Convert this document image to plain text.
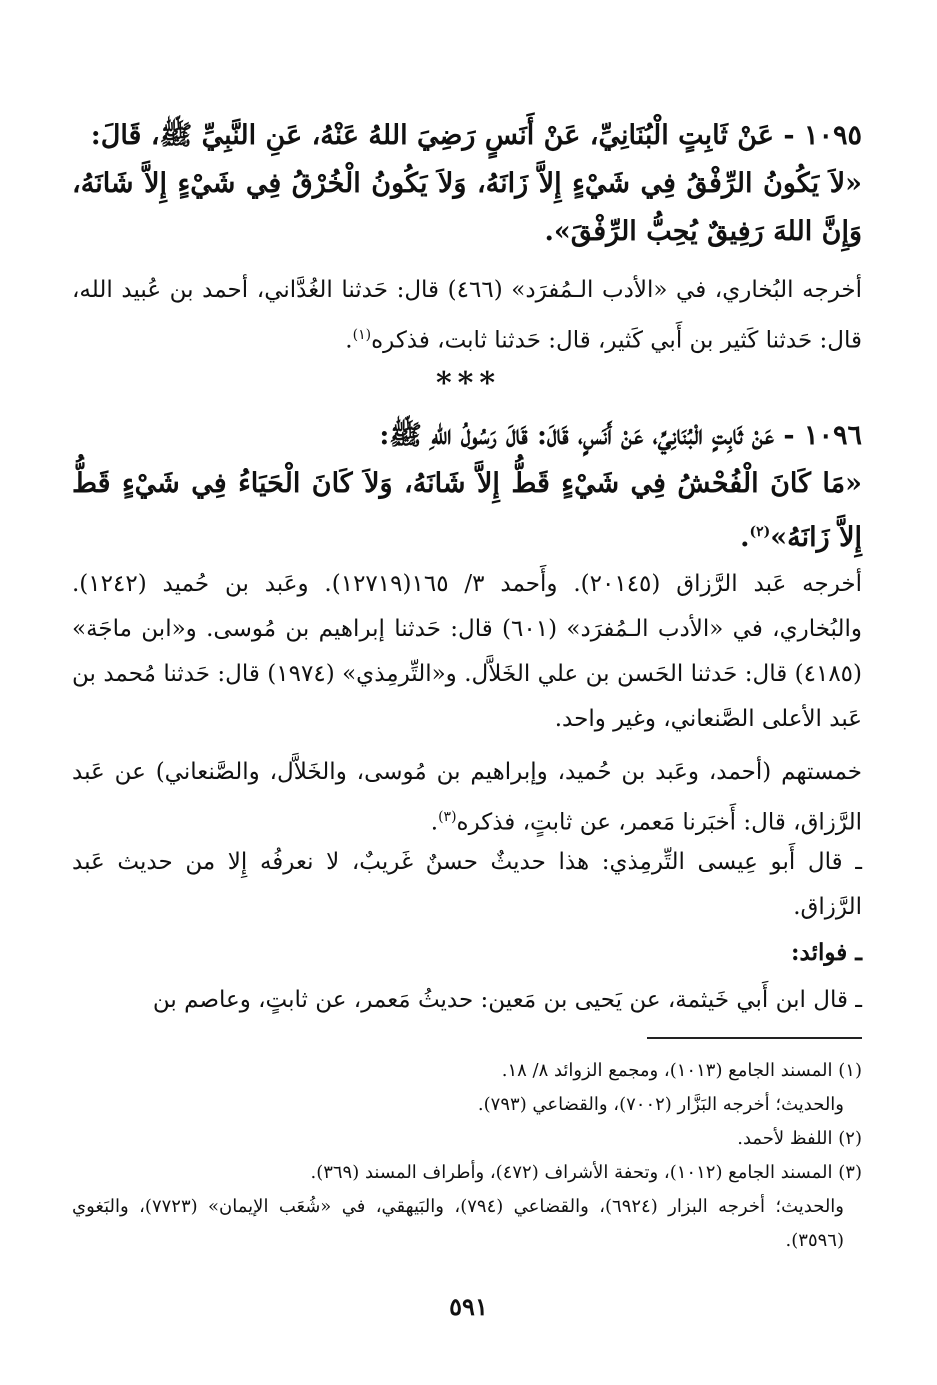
١٠٩٥ - عَنْ ثَابِتٍ الْبُنَانِيِّ، عَنْ أَنَسٍ رَضِيَ اللهُ عَنْهُ، عَنِ النَّبِيِّ ﷺ، قَالَ:
«لاَ يَكُونُ الرِّفْقُ فِي شَيْءٍ إِلاَّ زَانَهُ، وَلاَ يَكُونُ الْخُرْقُ فِي شَيْءٍ إِلاَّ شَانَهُ، وَإِنَّ اللهَ رَفِيقٌ يُحِبُّ الرِّفْقَ».
أخرجه البُخاري، في «الأدب الـمُفرَد» (٤٦٦) قال: حَدثنا الغُدَّاني، أحمد بن عُبيد الله، قال: حَدثنا كَثير بن أَبي كَثير، قال: حَدثنا ثابت، فذكره$^{(١)}$.
***
١٠٩٦ - عَنْ ثَابِتٍ الْبُنَانِيِّ، عَنْ أَنَسٍ، قَالَ: قَالَ رَسُولُ اللهِ ﷺ:
«مَا كَانَ الْفُحْشُ فِي شَيْءٍ قَطُّ إِلاَّ شَانَهُ، وَلاَ كَانَ الْحَيَاءُ فِي شَيْءٍ قَطُّ إِلاَّ زَانَهُ»$^{(٢)}$.
أخرجه عَبد الرَّزاق (٢٠١٤٥). وأَحمد ٣/ ١٦٥(١٢٧١٩). وعَبد بن حُميد (١٢٤٢). والبُخاري، في «الأدب الـمُفرَد» (٦٠١) قال: حَدثنا إبراهيم بن مُوسى. و«ابن ماجَة» (٤١٨٥) قال: حَدثنا الحَسن بن علي الخَلاَّل. و«التِّرمِذي» (١٩٧٤) قال: حَدثنا مُحمد بن عَبد الأعلى الصَّنعاني، وغير واحد.
خمستهم (أحمد، وعَبد بن حُميد، وإبراهيم بن مُوسى، والخَلاَّل، والصَّنعاني) عن عَبد الرَّزاق، قال: أَخبَرنا مَعمر، عن ثابتٍ، فذكره$^{(٣)}$.
ـ قال أَبو عِيسى التِّرمِذي: هذا حديثٌ حسنٌ غَريبٌ، لا نعرفُه إِلا من حديث عَبد الرَّزاق.
ـ فوائد:
ـ قال ابن أَبي خَيثمة، عن يَحيى بن مَعين: حديثُ مَعمر، عن ثابتٍ، وعاصم بن
(١) المسند الجامع (١٠١٣)، ومجمع الزوائد ٨/ ١٨.
والحديث؛ أخرجه البَزَّار (٧٠٠٢)، والقضاعي (٧٩٣).
(٢) اللفظ لأحمد.
(٣) المسند الجامع (١٠١٢)، وتحفة الأشراف (٤٧٢)، وأطراف المسند (٣٦٩).
والحديث؛ أخرجه البزار (٦٩٢٤)، والقضاعي (٧٩٤)، والبَيهقي، في «شُعَب الإيمان» (٧٧٢٣)، والبَغوي (٣٥٩٦).
٥٩١
